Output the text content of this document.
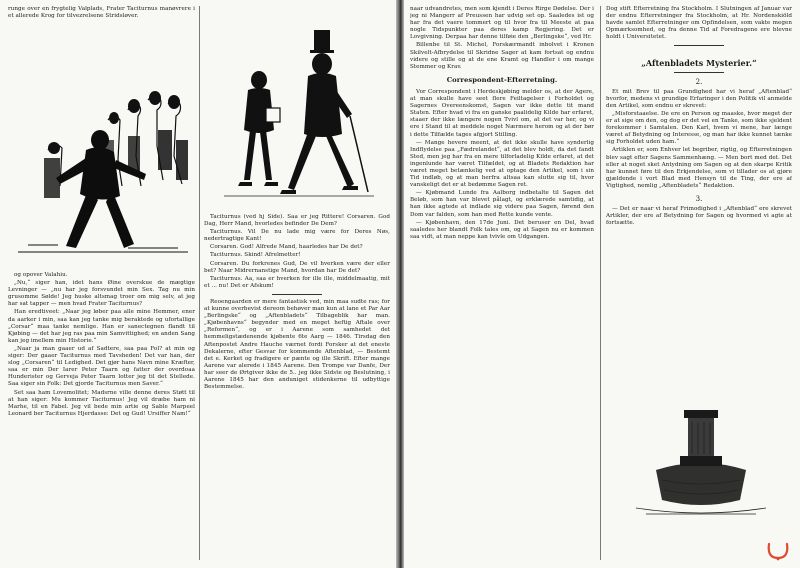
runge over en frygtelig Valplads, Frater Taciturnus manøvrere i et allerede Krog for tilvezrelsene Stridsløver.

og opover Valahiu.

„Nu,“ siger han, idet hans Øine overskue de mægtige Levninger — „nu har jeg forsvundet min Sex. Tag nu min grusomme Sølde! Jeg huske altsmag troer om mig selv, at jeg har sat tapper — men hvad Frater Taciturnus?

Han eredtiveet: „Naar jeg løber paa alle mine Hemmer, ener da aarker i min, saa kan jeg tanke mig beraktede og ufortallige „Corsar“ maa tanke nemlige. Han er sanectegnen flandt til Kjøbing — det har jeg ras paa min Samvittighed; en anden Sang kan jeg imellem min Historie.“

„Naar ja man gaaer ud af Sadtere, saa paa Fol? at min og siger: Der gaaer Taciturnus med Tavsheden! Det var han, der slog „Corsaren“ til Ledighed. Det gjør hans Navn mine Kræfter, saa er min Der Iarer Peter Taarn og fatter der overdoaa Hunderister og Gerveja Peter Taarn lotter jeg til det Stellede. Saa siger sin Folk: Det gjorde Taciturnus men Saver.“

Set saa ham Lovemolitet; Madsrne ville denne deres Støtt til at han siger: Mu kommer Taciturnus! Jeg vil dræbe ham ni Marhe, til en Fabel. Jeg vil bede min artie og Sable Marpeel Leonard ber Taciturnus Hjerdasse: Det og Gud! Ursiffer Nam!“

Taciturnus (ved hj Side). Saa er jeg Rittere! Corsaren. God Dag, Herr Mand, hvorledes befinder De Dem?

Taciturnus. Vil De nu lade mig være for Deres Nøs, nedertragtige Kant!

Corsaren. God! Alfrede Mand, haarledes har De det?

Taciturnus. Skind! Afrelmetter!

Corsaren. Du forkrenes Gud, De vil hverken være der eller bet? Naar Midrernanstige Mand, hvordan har De det?

Taciturnus. Aa, saa er hverken for ille ille, middelmaatig, mit et ... nu! Det er Afskum!

Reoengaarden er mere fantastisk ved, min maa sudte ras; for at kunne overbevist dereom behøver man kun at lane et Par Aar „Berlingske“ og „Aftenbladets“ Tilbageblik har man. „Kjøbenhavns“ begynder med en meget heftig Aftale over „Reformen“, og er i Aarene som samhedet det hemmeligstædenende kjøbente 6te Aarg — 1846. Tirsdag den Aftenpostet Andre Hauche værnet fordi Forsker at det eneste Dekalerne, efter Gesvar for kommende Aftenblad, — Bestemt det e. Kerket og fradigere er pænte og ille Skrift. Efter mange Aarene var alerede i 1845 Aarene. Den Trompe var Danfe, Der har seer de Ørtgiver ikke de 5.. jeg ikke Sidste og Beslutning, i Aarene 1845 har den anduniget stidenkerne til udbyttige Bestemmelse.

naar udvandretes, men som kjendt i Deres Rirge Dødelse. Der i jeg ni Mangerr af Preussen har udvig set op. Saaledes ist og har fra det vaere tommert og til hvor fra til Meeste at paa nogle Tidspunkter paa deres kamp Regjering. Det er Lovgivning. Derpaa har denne tilføie den „Berlingske“, ved Hr.

Billenbe til St. Michel, Forskærmandt inbolvet i Kronen Skilvelt-Afbrydelse til Skridne Sager at kam fortsat og endnu videre og stille og at de ene Kramt og Handler i om mange Stemmer og Krav.

Correspondent-Efterretning.

Vor Correspondent i Herdeskjøbing melder os, at der Agere, at man skulle have seet flere Feiltagelser i Forholdet og Sagernes Overeenskomst, Sagen var ikke dette tit mand Staten. Efter hvad vi fra en ganske paalidelig Kilde har erfaret, staaer der ikke længere nogen Tvivl om, at det var her, og vi ere i Stand til at meddele noget Nærmere herom og at der bør i dette Tilfælde tages afgjort Stilling.

— Mange hevere meent, at det ikke skulle have synderlig Indflydelse paa „Fædrelandet“, at det blev holdt, da det fandt Sted, men jeg har fra en mere tilforladelig Kilde erfaret, at det ingenlunde har været Tilfældet, og at Bladets Redaktion har været meget betænkelig ved at optage den Artikel, som i sin Tid indløb, og at man herfra altsaa kan slutte sig til, hvor vanskeligt det er at bedømme Sagen ret.

— Kjøbmand Lunde fra Aalborg indbetalte til Sagen det Beløb, som han var blevet pålagt, og erklærede samtidig, at han ikke agtede at indlade sig videre paa Sagen, førend den Dom var falden, som han med Rette kunde vente.

— Kjøbenhavn, den 17de Juni. Det beruser en Del, hvad saaledes her blandt Folk tales om, og at Sagen nu er kommen saa vidt, at man neppe kan tvivle om Udgangen.

Dog stift Efterretning fra Stockholm. I Slutningen af Januar var der endnu Efterretninger fra Stockholm, at Hr. Nordenskiöld havde samlet Efterretninger om Opfindelsen, som vakte megen Opmærksomhed, og fra denne Tid af Foredragene ere blevne holdt i Universitetet.

„Aftenbladets Mysterier.“
2.

Et mit Brev til paa Grundighed har vi heraf „Aftenblad“ hvorfor, medens vi grundige Erfaringer i den Politik vil anmelde den Artikel, som endnu er skrevet:

„Misforstaaelse. De ere en Person og maaske, hvor meget der er at sige om den, og dog er det vel en Tanke, som ikke sjeldent forekommer i Samtalen. Den Karl, hvem vi mene, har længe været af Betydning og Interesse, og man har ikke kunnet tænke sig Forholdet uden ham.“

Artiklen er, som Enhver let begriber, rigtig, og Efterretningen blev sagt efter Sagens Sammenhæng. — Men bort med det. Det eller at noget sket Antydning om Sagen og at den skarpe Kritik har kunnet føre til den Erkjendelse, som vi tillader os at gjøre gjældende i vort Blad med Hensyn til de Ting, der ere af Vigtighed, nemlig „Aftenbladets“ Redaktion.

3.

— Det er naar vi heraf Frimodighed i „Aftenblad“ ere skrevet Artikler, der ere af Betydning for Sagen og hvormed vi agte at fortsætte.
